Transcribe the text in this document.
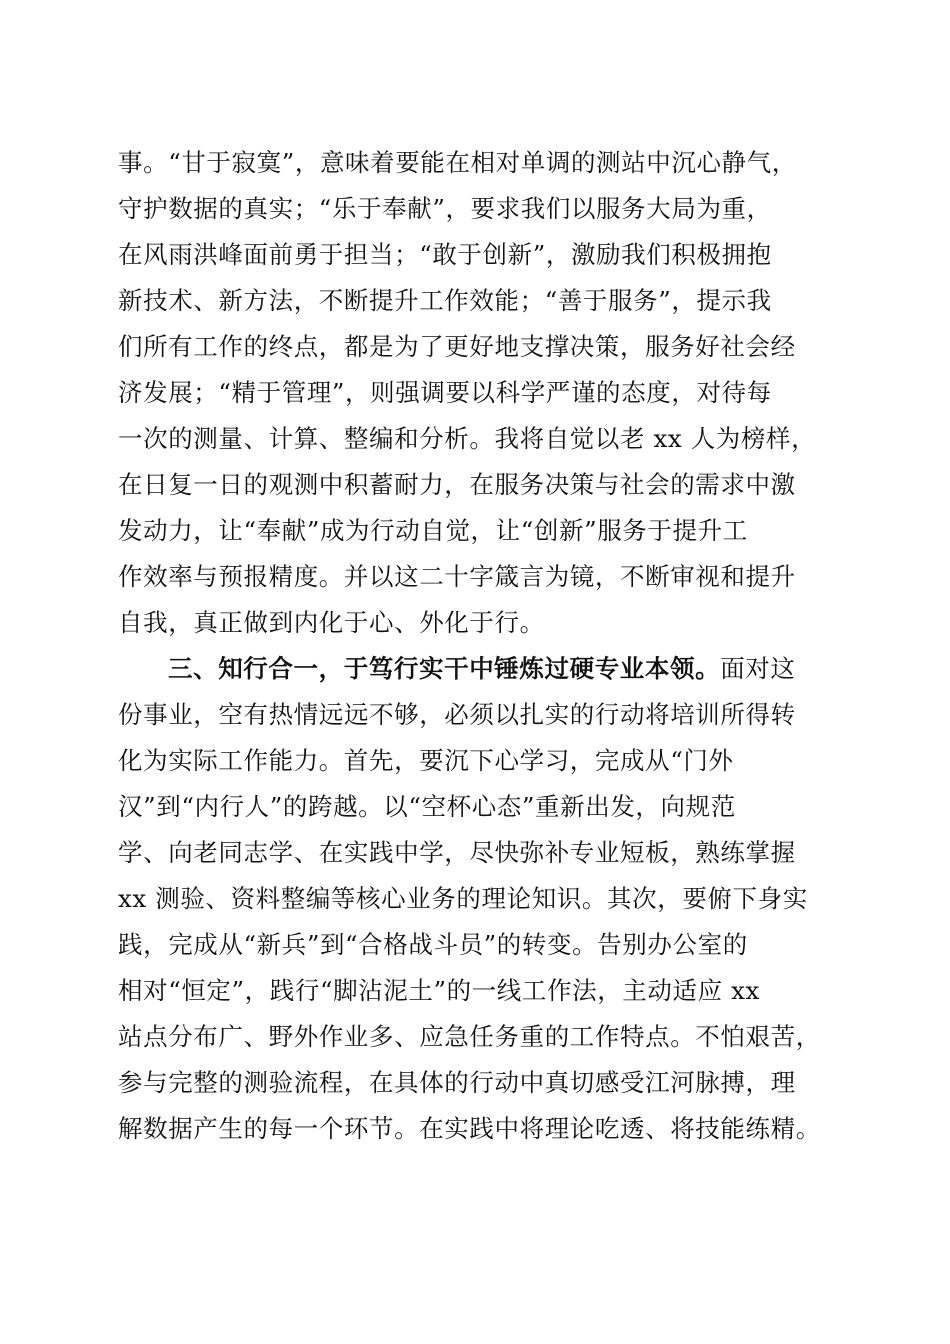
事。“甘于寂寞”，意味着要能在相对单调的测站中沉心静气，
守护数据的真实；“乐于奉献”，要求我们以服务大局为重，
在风雨洪峰面前勇于担当；“敢于创新”，激励我们积极拥抱
新技术、新方法，不断提升工作效能；“善于服务”，提示我
们所有工作的终点，都是为了更好地支撑决策，服务好社会经
济发展；“精于管理”，则强调要以科学严谨的态度，对待每
一次的测量、计算、整编和分析。我将自觉以老 xx 人为榜样，
在日复一日的观测中积蓄耐力，在服务决策与社会的需求中激
发动力，让“奉献”成为行动自觉，让“创新”服务于提升工
作效率与预报精度。并以这二十字箴言为镜，不断审视和提升
自我，真正做到内化于心、外化于行。
三、知行合一，于笃行实干中锤炼过硬专业本领。面对这
份事业，空有热情远远不够，必须以扎实的行动将培训所得转
化为实际工作能力。首先，要沉下心学习，完成从“门外
汉”到“内行人”的跨越。以“空杯心态”重新出发，向规范
学、向老同志学、在实践中学，尽快弥补专业短板，熟练掌握
xx 测验、资料整编等核心业务的理论知识。其次，要俯下身实
践，完成从“新兵”到“合格战斗员”的转变。告别办公室的
相对“恒定”，践行“脚沾泥土”的一线工作法，主动适应 xx
站点分布广、野外作业多、应急任务重的工作特点。不怕艰苦，
参与完整的测验流程，在具体的行动中真切感受江河脉搏，理
解数据产生的每一个环节。在实践中将理论吃透、将技能练精。
